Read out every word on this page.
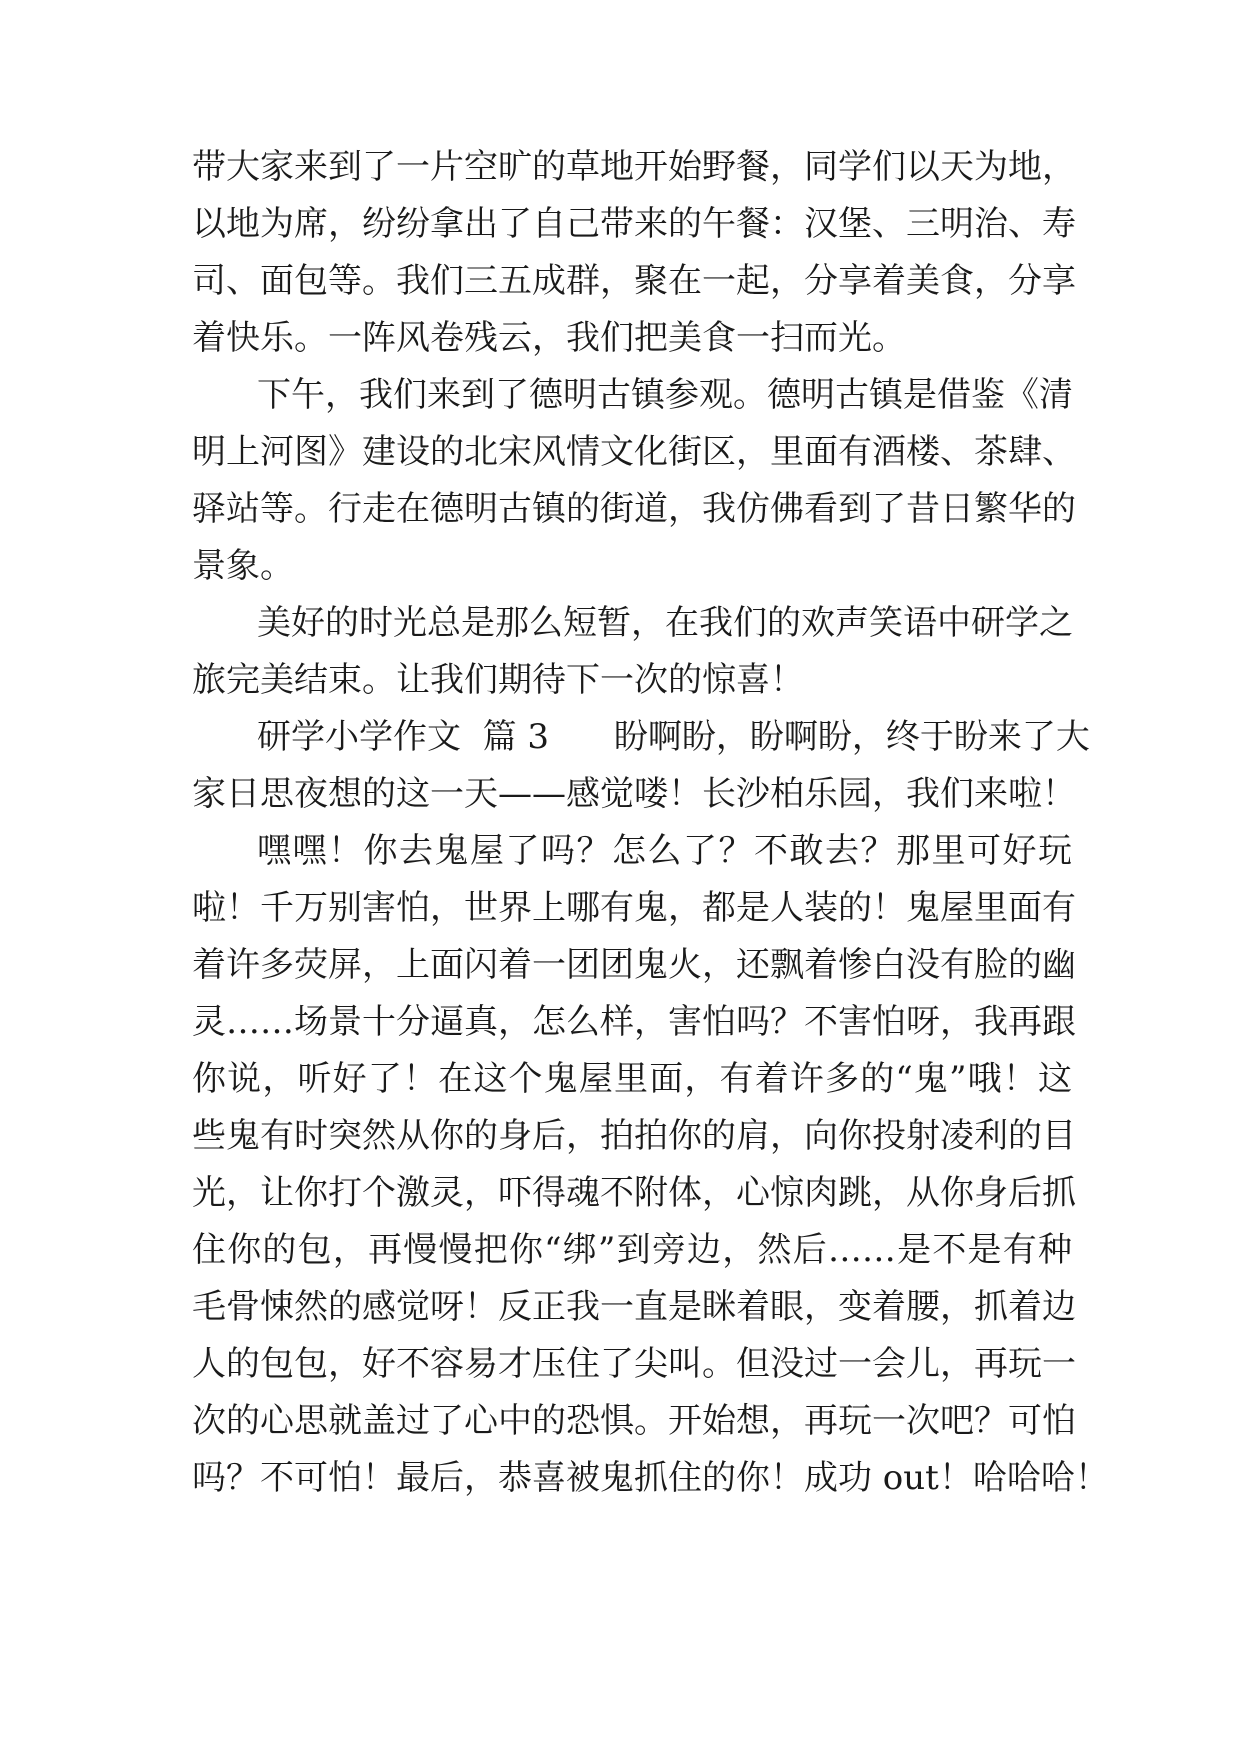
带大家来到了一片空旷的草地开始野餐，同学们以天为地，
以地为席，纷纷拿出了自己带来的午餐：汉堡、三明治、寿
司、面包等。我们三五成群，聚在一起，分享着美食，分享
着快乐。一阵风卷残云，我们把美食一扫而光。
下午，我们来到了德明古镇参观。德明古镇是借鉴《清
明上河图》建设的北宋风情文化街区，里面有酒楼、茶肆、
驿站等。行走在德明古镇的街道，我仿佛看到了昔日繁华的
景象。
美好的时光总是那么短暂，在我们的欢声笑语中研学之
旅完美结束。让我们期待下一次的惊喜！
研学小学作文  篇 3      盼啊盼，盼啊盼，终于盼来了大
家日思夜想的这一天——感觉喽！长沙柏乐园，我们来啦！
嘿嘿！你去鬼屋了吗？怎么了？不敢去？那里可好玩
啦！千万别害怕，世界上哪有鬼，都是人装的！鬼屋里面有
着许多荧屏，上面闪着一团团鬼火，还飘着惨白没有脸的幽
灵……场景十分逼真，怎么样，害怕吗？不害怕呀，我再跟
你说，听好了！在这个鬼屋里面，有着许多的“鬼”哦！这
些鬼有时突然从你的身后，拍拍你的肩，向你投射凌利的目
光，让你打个激灵，吓得魂不附体，心惊肉跳，从你身后抓
住你的包，再慢慢把你“绑”到旁边，然后……是不是有种
毛骨悚然的感觉呀！反正我一直是眯着眼，变着腰，抓着边
人的包包，好不容易才压住了尖叫。但没过一会儿，再玩一
次的心思就盖过了心中的恐惧。开始想，再玩一次吧？可怕
吗？不可怕！最后，恭喜被鬼抓住的你！成功 out！哈哈哈！
